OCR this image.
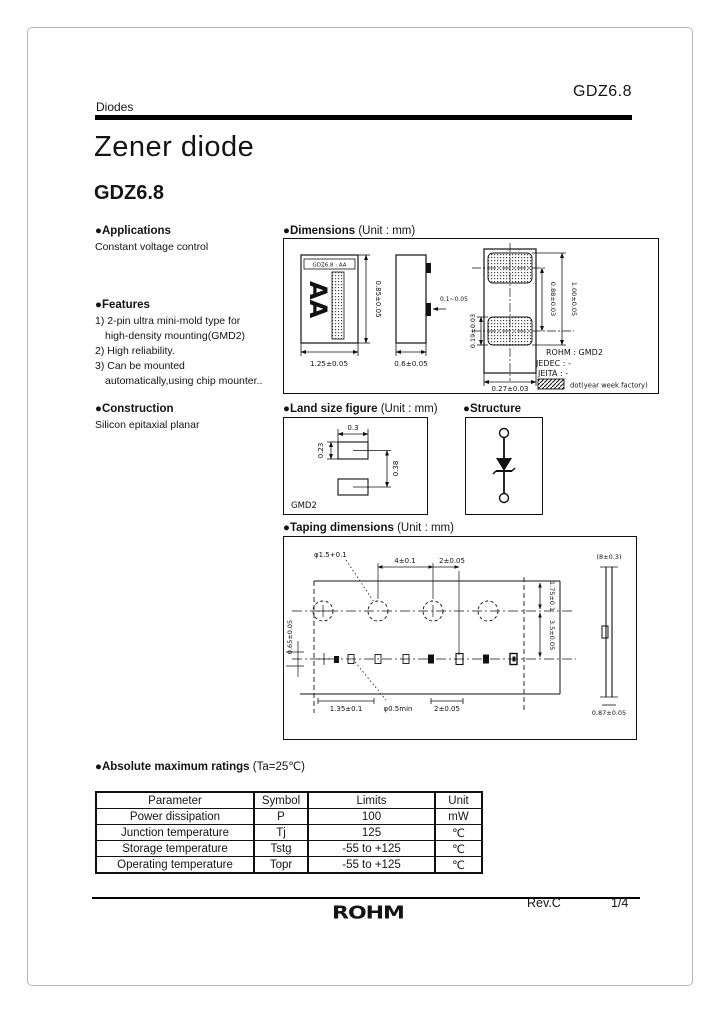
GDZ6.8
Diodes
Zener diode
GDZ6.8
●Applications
Constant voltage control
●Features
1) 2-pin ultra mini-mold type for
high-density mounting(GMD2)
2) High reliability.
3) Can be mounted
automatically,using chip mounter..
●Construction
Silicon epitaxial planar
●Dimensions (Unit : mm)
GDZ6.8 : AA
AA
1.25±0.05
0.85±0.05	0.1~0.05
0.6±0.05
0.19±0.03
0.88±0.03 1.00±0.05
0.27±0.03
ROHM : GMD2
JEDEC : -
JEITA : -
dot(year week factory)
●Land size figure (Unit : mm)
0.3
0.23
0.38
GMD2
●Structure
●Taping dimensions (Unit : mm)
φ1.5+0.1
4±0.1	2±0.05
1.75±0.1
3.5±0.05
0.65±0.05
1.35±0.1	φ0.5min	2±0.05
(8±0.3)
0.87±0.05
●Absolute maximum ratings (Ta=25℃)
Parameter	Symbol	Limits	Unit
Power dissipation	P	100	mW
Junction temperature	Tj	125	℃
Storage temperature	Tstg	-55 to +125	℃
Operating temperature	Topr	-55 to +125	℃
ROHM	Rev.C	1/4
